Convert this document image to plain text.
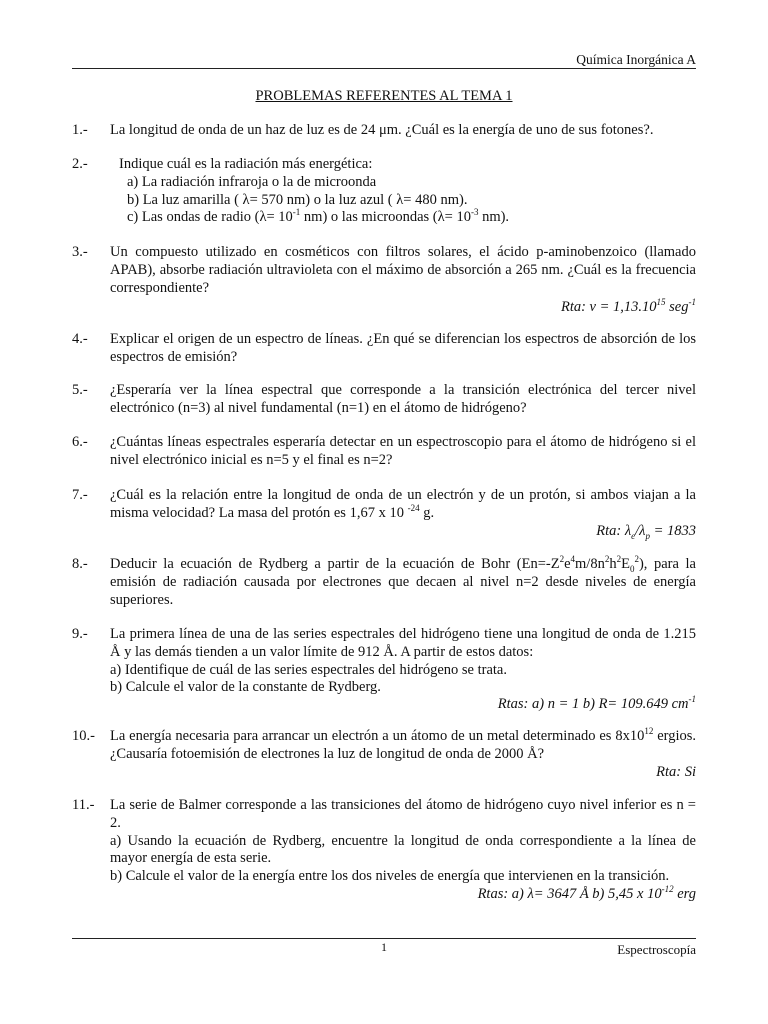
Química Inorgánica A
PROBLEMAS REFERENTES AL TEMA 1
1.- La longitud de onda de un haz de luz es de 24 μm. ¿Cuál es la energía de uno de sus fotones?.
2.- Indique cuál es la radiación más energética:
a) La radiación infraroja o la de microonda
b) La luz amarilla ( λ= 570 nm) o la luz azul ( λ= 480 nm).
c) Las ondas de radio ($\lambda= 10^{-1}$ nm) o las microondas ($\lambda= 10^{-3}$ nm).
3.- Un compuesto utilizado en cosméticos con filtros solares, el ácido p-aminobenzoico (llamado APAB), absorbe radiación ultravioleta con el máximo de absorción a 265 nm. ¿Cuál es la frecuencia correspondiente?
Rta: $\nu = 1,13.10^{15}$ seg$^{-1}$
4.- Explicar el origen de un espectro de líneas. ¿En qué se diferencian los espectros de absorción de los espectros de emisión?
5.- ¿Esperaría ver la línea espectral que corresponde a la transición electrónica del tercer nivel electrónico (n=3) al nivel fundamental (n=1) en el átomo de hidrógeno?
6.- ¿Cuántas líneas espectrales esperaría detectar en un espectroscopio para el átomo de hidrógeno si el nivel electrónico inicial es n=5 y el final es n=2?
7.- ¿Cuál es la relación entre la longitud de onda de un electrón y de un protón, si ambos viajan a la misma velocidad? La masa del protón es 1,67 x 10 $^{-24}$ g.
Rta: $\lambda_e/\lambda_p = 1833$
8.- Deducir la ecuación de Rydberg a partir de la ecuación de Bohr $(En=-Z^2e^4m/8n^2h^2E_0^2)$, para la emisión de radiación causada por electrones que decaen al nivel n=2 desde niveles de energía superiores.
9.- La primera línea de una de las series espectrales del hidrógeno tiene una longitud de onda de 1.215 Å y las demás tienden a un valor límite de 912 Å. A partir de estos datos:
a) Identifique de cuál de las series espectrales del hidrógeno se trata.
b) Calcule el valor de la constante de Rydberg.
Rtas: a) n = 1 b) R= 109.649 $cm^{-1}$
10.- La energía necesaria para arrancar un electrón a un átomo de un metal determinado es $8x10^{12}$ ergios. ¿Causaría fotoemisión de electrones la luz de longitud de onda de 2000 Å?
Rta: Si
11.- La serie de Balmer corresponde a las transiciones del átomo de hidrógeno cuyo nivel inferior es n = 2.
a) Usando la ecuación de Rydberg, encuentre la longitud de onda correspondiente a la línea de mayor energía de esta serie.
b) Calcule el valor de la energía entre los dos niveles de energía que intervienen en la transición.
Rtas: a) λ= 3647 Å b) 5,45 x $10^{-12}$ erg
1	Espectroscopía
